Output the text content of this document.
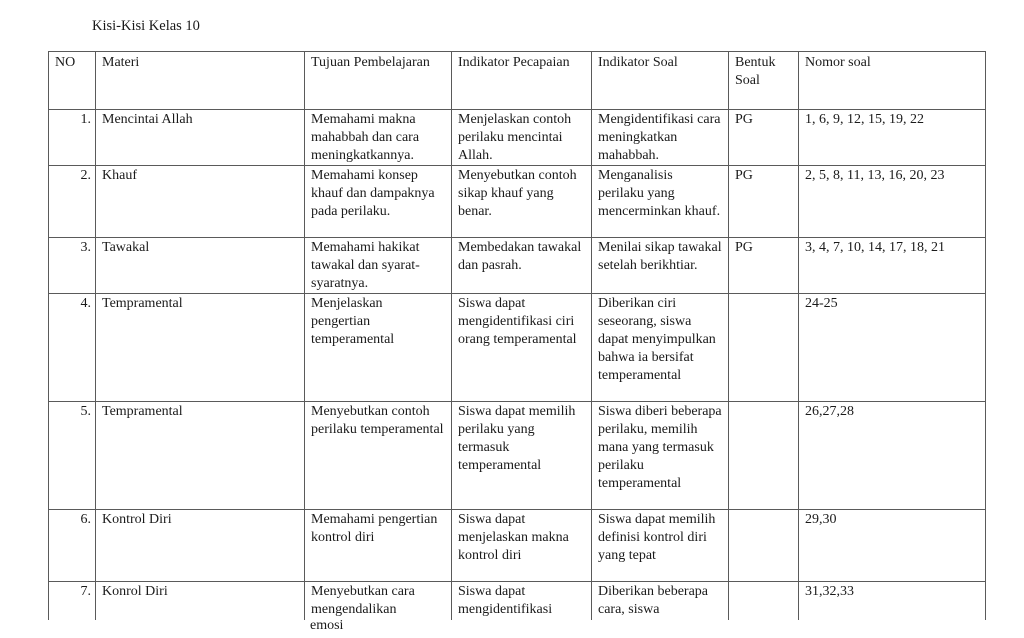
Kisi-Kisi Kelas 10
NO	Materi	Tujuan Pembelajaran	Indikator Pecapaian	Indikator Soal	Bentuk Soal	Nomor soal
1.	Mencintai Allah	Memahami makna mahabbah dan cara meningkatkannya.	Menjelaskan contoh perilaku mencintai Allah.	Mengidentifikasi cara meningkatkan mahabbah.	PG	1, 6, 9, 12, 15, 19, 22
2.	Khauf	Memahami konsep khauf dan dampaknya pada perilaku.	Menyebutkan contoh sikap khauf yang benar.	Menganalisis perilaku yang mencerminkan khauf.	PG	2, 5, 8, 11, 13, 16, 20, 23
3.	Tawakal	Memahami hakikat tawakal dan syarat-syaratnya.	Membedakan tawakal dan pasrah.	Menilai sikap tawakal setelah berikhtiar.	PG	3, 4, 7, 10, 14, 17, 18, 21
4.	Tempramental	Menjelaskan pengertian temperamental	Siswa dapat mengidentifikasi ciri orang temperamental	Diberikan ciri seseorang, siswa dapat menyimpulkan bahwa ia bersifat temperamental		24-25
5.	Tempramental	Menyebutkan contoh perilaku temperamental	Siswa dapat memilih perilaku yang termasuk temperamental	Siswa diberi beberapa perilaku, memilih mana yang termasuk perilaku temperamental		26,27,28
6.	Kontrol Diri	Memahami pengertian kontrol diri	Siswa dapat menjelaskan makna kontrol diri	Siswa dapat memilih definisi kontrol diri yang tepat		29,30
7.	Konrol Diri	Menyebutkan cara mengendalikan	Siswa dapat mengidentifikasi	Diberikan beberapa cara, siswa		31,32,33
emosi
